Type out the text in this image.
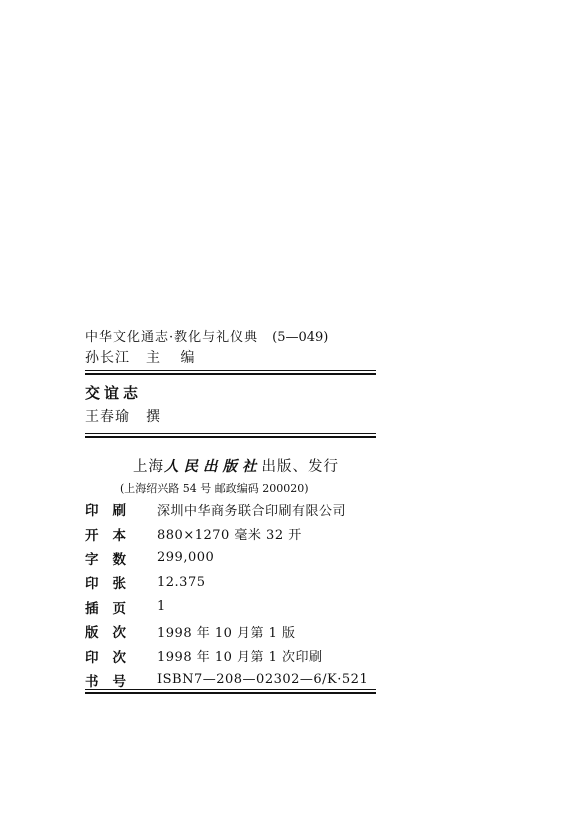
中华文化通志·教化与礼仪典 (5—049)
孙长江 主 编
交谊志
王春瑜 撰
上海人民出版社出版、发行
(上海绍兴路 54 号 邮政编码 200020)
印刷	深圳中华商务联合印刷有限公司
开本	880×1270 毫米 32 开
字数	299,000
印张	12.375
插页	1
版次	1998 年 10 月第 1 版
印次	1998 年 10 月第 1 次印刷
书号	ISBN7—208—02302—6/K·521
